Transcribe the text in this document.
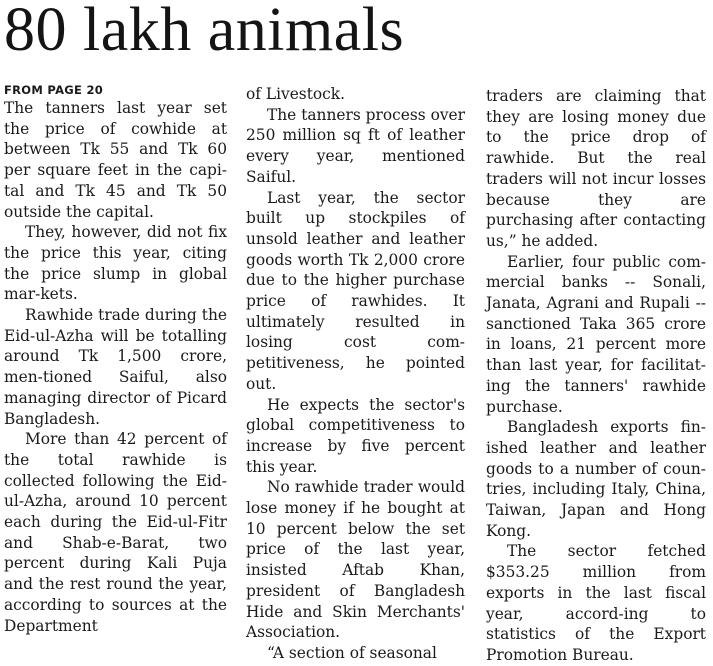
80 lakh animals
FROM PAGE 20

The tanners last year set the price of cowhide at between Tk 55 and Tk 60 per square feet in the capi-tal and Tk 45 and Tk 50 outside the capital.

They, however, did not fix the price this year, citing the price slump in global mar-kets.

Rawhide trade during the Eid-ul-Azha will be totalling around Tk 1,500 crore, men-tioned Saiful, also managing director of Picard Bangladesh.

More than 42 percent of the total rawhide is collected following the Eid-ul-Azha, around 10 percent each during the Eid-ul-Fitr and Shab-e-Barat, two percent during Kali Puja and the rest round the year, according to sources at the Department

of Livestock.

The tanners process over 250 million sq ft of leather every year, mentioned Saiful.

Last year, the sector built up stockpiles of unsold leather and leather goods worth Tk 2,000 crore due to the higher purchase price of rawhides. It ultimately resulted in losing cost com-petitiveness, he pointed out.

He expects the sector's global competitiveness to increase by five percent this year.

No rawhide trader would lose money if he bought at 10 percent below the set price of the last year, insisted Aftab Khan, president of Bangladesh Hide and Skin Merchants' Association.

“A section of seasonal

traders are claiming that they are losing money due to the price drop of rawhide. But the real traders will not incur losses because they are purchasing after contacting us,” he added.

Earlier, four public com-mercial banks -- Sonali, Janata, Agrani and Rupali -- sanctioned Taka 365 crore in loans, 21 percent more than last year, for facilitat-ing the tanners' rawhide purchase.

Bangladesh exports fin-ished leather and leather goods to a number of coun-tries, including Italy, China, Taiwan, Japan and Hong Kong.

The sector fetched $353.25 million from exports in the last fiscal year, accord-ing to statistics of the Export Promotion Bureau.
